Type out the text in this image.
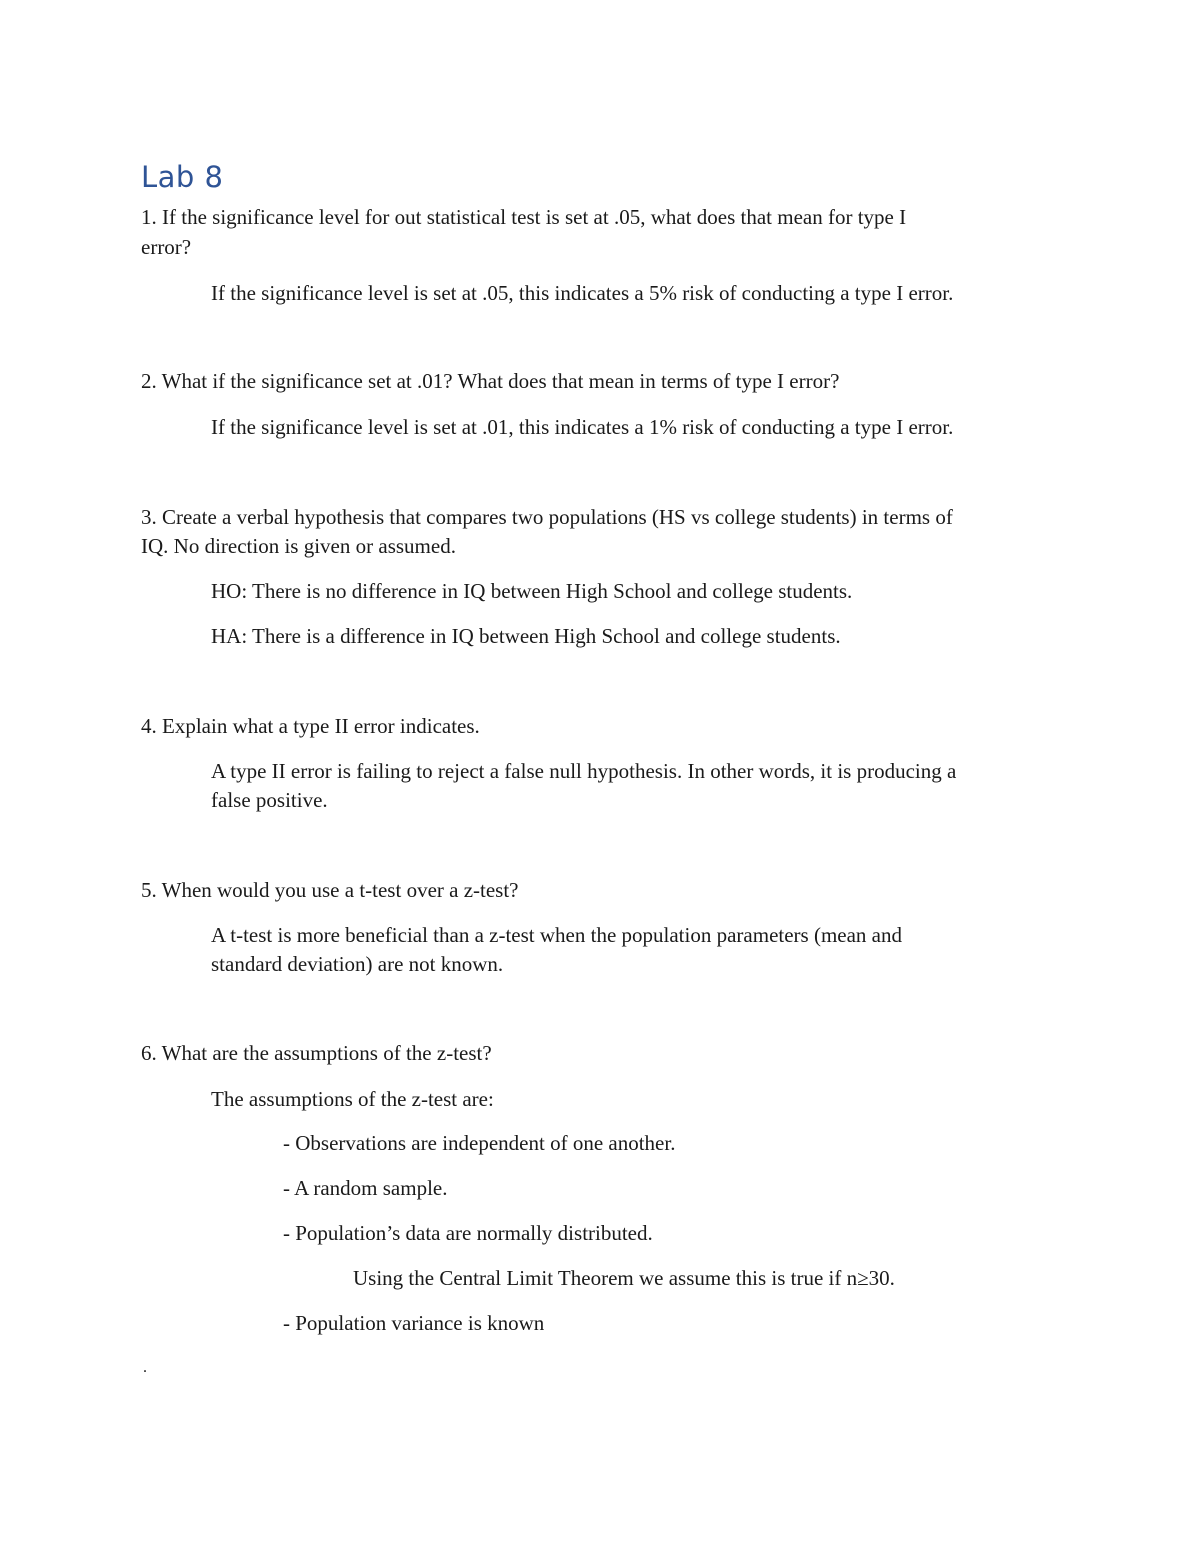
Lab 8
1. If the significance level for out statistical test is set at .05, what does that mean for type I
error?
If the significance level is set at .05, this indicates a 5% risk of conducting a type I error.
2. What if the significance set at .01? What does that mean in terms of type I error?
If the significance level is set at .01, this indicates a 1% risk of conducting a type I error.
3. Create a verbal hypothesis that compares two populations (HS vs college students) in terms of
IQ. No direction is given or assumed.
HO: There is no difference in IQ between High School and college students.
HA: There is a difference in IQ between High School and college students.
4. Explain what a type II error indicates.
A type II error is failing to reject a false null hypothesis. In other words, it is producing a
false positive.
5. When would you use a t-test over a z-test?
A t-test is more beneficial than a z-test when the population parameters (mean and
standard deviation) are not known.
6. What are the assumptions of the z-test?
The assumptions of the z-test are:
- Observations are independent of one another.
- A random sample.
- Population’s data are normally distributed.
Using the Central Limit Theorem we assume this is true if n≥30.
- Population variance is known
.
